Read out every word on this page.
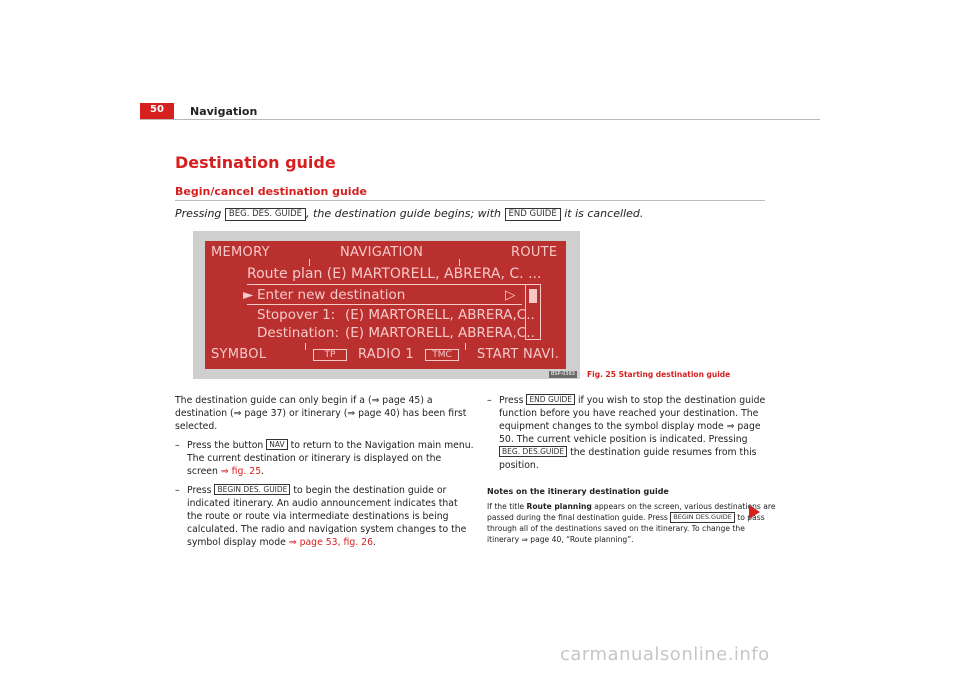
50	Navigation
Destination guide
Begin/cancel destination guide
Pressing BEG. DES. GUIDE , the destination guide begins; with END GUIDE it is cancelled.
MEMORY	NAVIGATION	ROUTE
Route plan (E) MARTORELL, ABRERA, C. ...
► Enter new destination	▷
Stopover 1: (E) MARTORELL, ABRERA,C..
Destination: (E) MARTORELL, ABRERA,C..
SYMBOL	TP	RADIO 1	TMC	START NAVI.
BSP-0383 Fig. 25 Starting destination guide

The destination guide can only begin if a (⇒ page 45) a destination (⇒ page 37) or itinerary (⇒ page 40) has been first selected.

– Press the button NAV to return to the Navigation main menu. The current destination or itinerary is displayed on the screen ⇒ fig. 25.
– Press BEGIN DES. GUIDE to begin the destination guide or indicated itinerary. An audio announcement indicates that the route or route via intermediate destinations is being calculated. The radio and navigation system changes to the symbol display mode ⇒ page 53, fig. 26.
– Press END GUIDE if you wish to stop the destination guide function before you have reached your destination. The equipment changes to the symbol display mode ⇒ page 50. The current vehicle position is indicated. Pressing BEG. DES.GUIDE the destination guide resumes from this position.
Notes on the itinerary destination guide
If the title Route planning appears on the screen, various destinations are passed during the final destination guide. Press BEGIN DES.GUIDE to pass through all of the destinations saved on the itinerary. To change the itinerary ⇒ page 40, “Route planning”.
carmanualsonline.info
